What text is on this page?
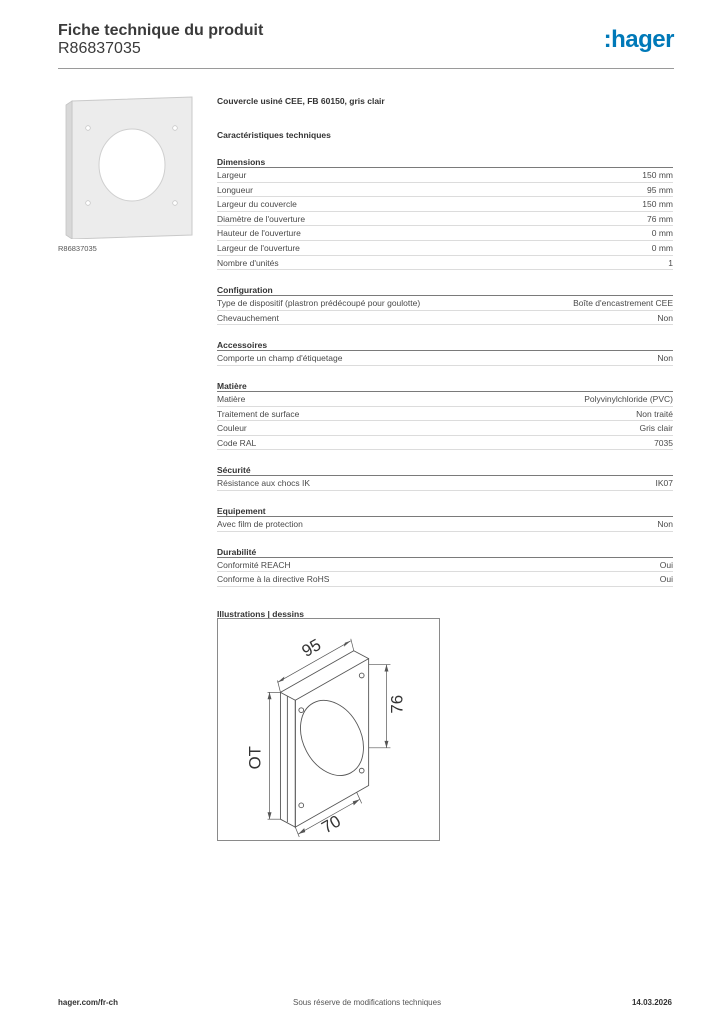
Fiche technique du produit
R86837035	:hager
R86837035
Couvercle usiné CEE, FB 60150, gris clair
Caractéristiques techniques
Dimensions
Largeur	150 mm
Longueur	95 mm
Largeur du couvercle	150 mm
Diamètre de l'ouverture	76 mm
Hauteur de l'ouverture	0 mm
Largeur de l'ouverture	0 mm
Nombre d'unités	1
Configuration
Type de dispositif (plastron prédécoupé pour goulotte)	Boîte d'encastrement CEE
Chevauchement	Non
Accessoires
Comporte un champ d'étiquetage	Non
Matière
Matière	Polyvinylchloride (PVC)
Traitement de surface	Non traité
Couleur	Gris clair
Code RAL	7035
Sécurité
Résistance aux chocs IK	IK07
Equipement
Avec film de protection	Non
Durabilité
Conformité REACH	Oui
Conforme à la directive RoHS	Oui
Illustrations | dessins
95
76
OT
70
hager.com/fr-ch	Sous réserve de modifications techniques	14.03.2026
